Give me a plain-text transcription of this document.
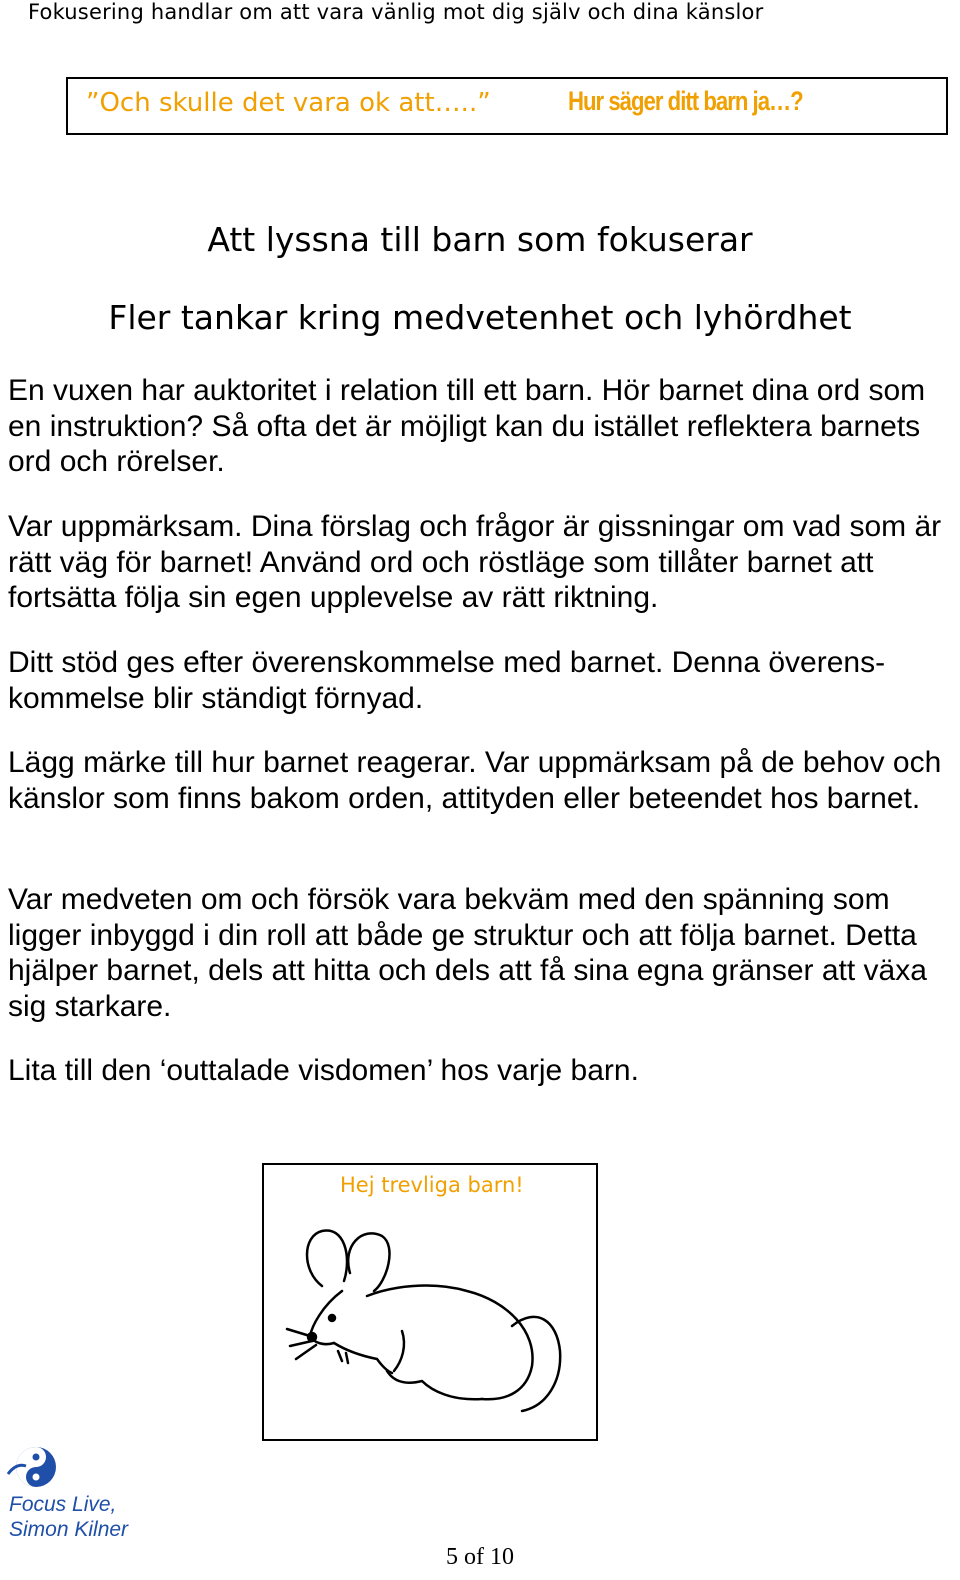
Fokusering handlar om att vara vänlig mot dig själv och dina känslor
”Och skulle det vara ok att…..”	Hur säger ditt barn ja…?
Att lyssna till barn som fokuserar
Fler tankar kring medvetenhet och lyhördhet

En vuxen har auktoritet i relation till ett barn. Hör barnet dina ord som en instruktion? Så ofta det är möjligt kan du istället reflektera barnets ord och rörelser.

Var uppmärksam. Dina förslag och frågor är gissningar om vad som är rätt väg för barnet! Använd ord och röstläge som tillåter barnet att fortsätta följa sin egen upplevelse av rätt riktning.

Ditt stöd ges efter överenskommelse med barnet. Denna överens-kommelse blir ständigt förnyad.

Lägg märke till hur barnet reagerar. Var uppmärksam på de behov och känslor som finns bakom orden, attityden eller beteendet hos barnet.

Var medveten om och försök vara bekväm med den spänning som ligger inbyggd i din roll att både ge struktur och att följa barnet. Detta hjälper barnet, dels att hitta och dels att få sina egna gränser att växa sig starkare.

Lita till den ‘outtalade visdomen’ hos varje barn.

Hej trevliga barn!
Focus Live,
Simon Kilner
5 of 10
